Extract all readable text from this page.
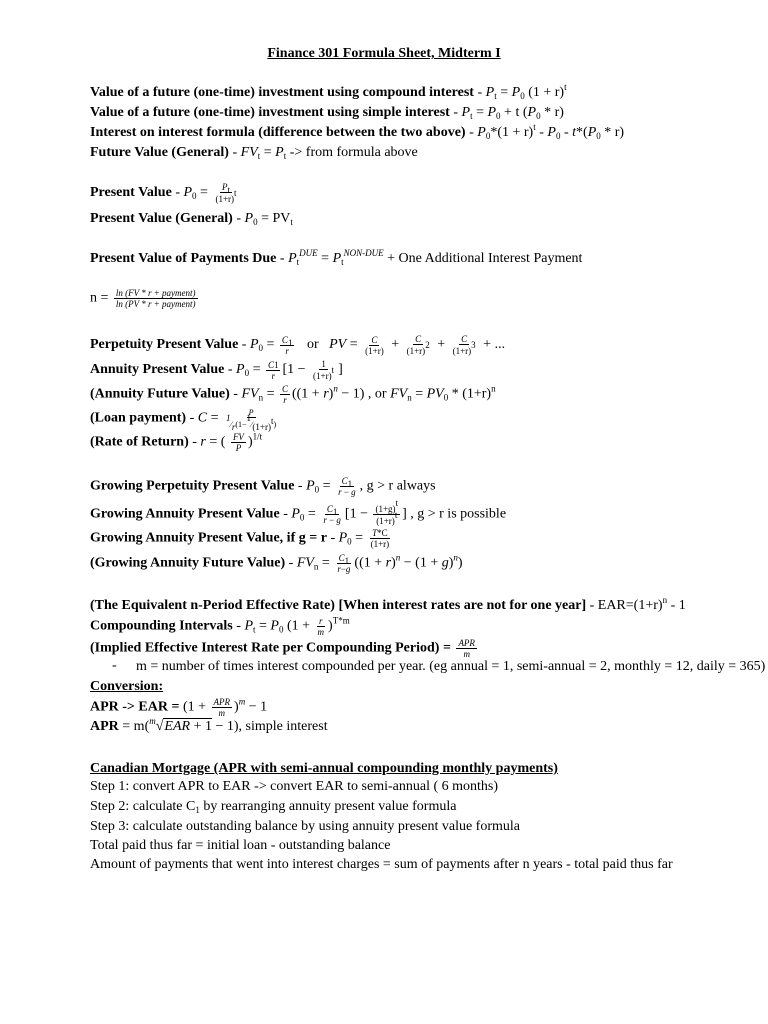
Finance 301 Formula Sheet, Midterm I
Value of a future (one-time) investment using compound interest - $P_t = P_0$ $(1 + r)^t$
Value of a future (one-time) investment using simple interest - $P_t = P_0 + t$ $(P_0 * r)$
Interest on interest formula (difference between the two above) - $P_0*(1 + r)^t - P_0 - t*(P_0 * r)$
Future Value (General) - $FV_t = P_t$ -> from formula above
Present Value - $P_0 = \frac{P_t}{(1+r)^t}$
Present Value (General) - $P_0 = PV_t$
Present Value of Payments Due - $P_t^{DUE} = P_t^{NON-DUE}$ + One Additional Interest Payment
$n = \frac{\text{ln (FV * r + payment)}}{\text{ln (PV * r + payment)}}$
Perpetuity Present Value - $P_0 = \frac{C_1}{r}$ or PV = $\frac{C}{(1+r)} + \frac{C}{(1+r)^2} + \frac{C}{(1+r)^3}$ + ...
Annuity Present Value - $P_0 = \frac{C1}{r} [1 - \frac{1}{(1+r)^t}$ ]
(Annuity Future Value) - $FV_n = \frac{C}{r} ((1 + r)^n - 1)$ , or $FV_n = PV_0 * (1+r)^n$
(Loan payment) - $C = \frac{P}{^1⁄_r(1-^1⁄_{(1+r)^t})}$
(Rate of Return) - r = ( $\frac{FV}{P} )^{1/t}$
Growing Perpetuity Present Value - $P_0 = \frac{C_1}{r - g}$ , g > r always
Growing Annuity Present Value - $P_0 = \frac{C_1}{r - g} [1 - \frac{(1+g)^t}{(1+r)^t}$ ] , g > r is possible
Growing Annuity Present Value, if $g = r - P_0 = \frac{T*C}{(1+r)}$
(Growing Annuity Future Value) - $FV_n = \frac{C_1}{r-g} ((1 + r)^n - (1 + g)^n)$
(The Equivalent n-Period Effective Rate) [When interest rates are not for one year] - $EAR=(1+r)^n - 1$
Compounding Intervals - $P_t = P_0$ $(1 + \frac{r}{m} )^{T*m}$
(Implied Effective Interest Rate per Compounding Period) = $\frac{\text{APR}}{m}$
- m = number of times interest compounded per year. (eg annual = 1, semi-annual = 2, monthly = 12, daily = 365)
Conversion:
APR -> EAR = $(1 + \frac{\text{APR}}{m} )^m - 1$
APR = m($^m$√EAR + 1 − 1), simple interest
Canadian Mortgage (APR with semi-annual compounding monthly payments)
Step 1: convert APR to EAR -> convert EAR to semi-annual ( 6 months)
Step 2: calculate $C_1$ by rearranging annuity present value formula
Step 3: calculate outstanding balance by using annuity present value formula
Total paid thus far = initial loan - outstanding balance
Amount of payments that went into interest charges = sum of payments after n years - total paid thus far
